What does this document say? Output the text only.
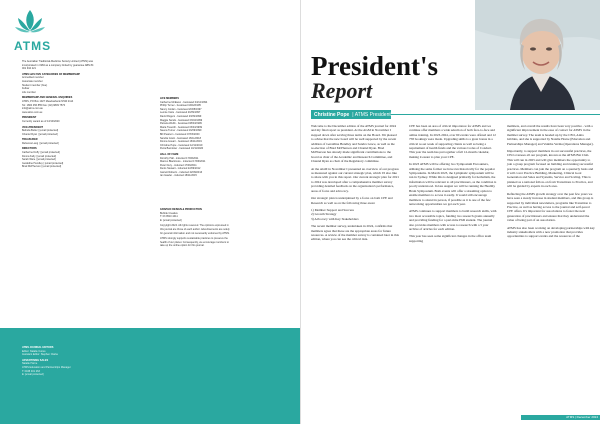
ATMS

The Australian Traditional-Medicine Society Limited (ATMS) was

incorporated in 1984 as a company limited by guarantee ABN 84

001 944 221

ATMS HAS FIVE CATEGORIES OF MEMBERSHIP

Accredited member

Associate member

Student member (free)

Fellow

Life member

MEMBERSHIP AND GENERAL ENQUIRIES

ATMS, PO Box 1027 Meadowbank NSW 2114

Tel: 1800 456 855 Fax: (02) 9809 7570

info@atms.com.au

www.atms.com.au

PRESIDENT

Currently vacant as of 13/10/2020

VICE-PRESIDENT

Belinda Butler | [email protected]

Chantel Ryan | [email protected]

TREASURER

Rebecca Lang | [email protected]

DIRECTORS

Catherine Duffy | [email protected]

Donna Kelly | [email protected]

Sarah Ware | [email protected]

Geraldine Hendley | [email protected]

Brad McPherson | [email protected]

LIFE MEMBERS

Catherine McEwen - bestowed 04/12/1994

Phillip Turner - bestowed 16/02/1995

Nancy Jordan - bestowed 20/08/1997

Leonie Carie - bestowed 20/09/1997

David Rogers - bestowed 23/09/1999

Maggie Sands - bestowed 03/04/1999

Pamela Webb - bestowed 08/04/1999

Maria Trewoth - bestowed 03/04/1999

Neena Turner - bestowed 16/09/1999

Bill Pearson - bestowed 07/03/2000

Sandra Grant - bestowed 16/11/2018

Donna Gouarr - bestowed 16/11/2019

Christine Pope - bestowed 12/11/2019

Petra Bannister - bestowed 10/11/2020

HALL OF FAME

Dorothy Hall - inducted 17/09/2011

Marcus Blackmore - inducted 17/09/2011

Peter Dery - inducted 17/09/2011

Denis Stewart - inducted 22/09/2012

Garrett Roberts - inducted 22/09/2013

Ian Gawler - inducted 18/11/2015

GRAPHIC DESIGN & PRODUCTION

Bubble Creative

T: 03 9510 4411

E: [email protected]

Copyright 2024. All rights reserved. The opinions expressed in

this journal are those of each author. Advertisements are solely

for general information and not necessarily endorsed by ATMS.

ATMS strongly supports sustainable practices to preserve the

health of our planet. Consequently, we encourage members to

take up the online option for this journal.

ATMS JOURNAL EDITORS

Editor: Natalie Corwe

Assistant Editor: Stephen Clarke

ADVERTISING SALES

Natalie Horne

ATMS Education and Partnerships Manager

T: 0438 401 263

E: [email protected]

President's
Report
Christine Pope | ATMS President

Welcome to the December edition of the ATMS journal for 2024 and my final report as president. At the AGM in November I stepped down after serving three terms on the Board. I'm pleased to advise that the new board will be well supported by the recent addition of Geraldine Hendley and Sandra Grace, as well as the re-election of Brad McPherson and Chantel Ryan. Brad McPherson has already made significant contributions to the board as chair of the Academic and Research Committee, and Chantel Ryan as chair of the Regulatory committee.

At the AGM in November I presented an overview of our progress as measured against our current strategic plan, which I'd also like to share with you in this report. Our current strategic plan for 2021 to 2024 was developed after a comprehensive member survey providing detailed feedback on the organisation's performance, areas of focus and advocacy.

Our strategic plan is underpinned by a focus on both CPE and Research as well as on the following three areas:

1) Member Support and Success

2) Growth Strategy

3) Advocacy with Key Stakeholders

The recent member survey, undertaken in 2024, confirms that members agree that these are the appropriate areas for future resources. A review of the member survey is contained later in this edition, where you can see the critical data.

CPE has been an area of critical importance for ATMS and we continue offer members a wide selection of both face-to-face and online training. In 2023-2024, over 60 events were offered and 12 758 bookings were made. Upgrading skills is a great bonus in a critical re-set week of supporting clients as well as being a requirement of health funds and the various Codes of Conduct. This year the team has put together a full 12-month calendar, making it easier to plan your CPE.

In 2023 ATMS will be offering two Symposium Encounters, utilising the same format we have run historically for the popular Symposiums. In March 2023, the Lymphatic symposium will be run in Sydney. While this is designed primarily for herbalism, the information will be relevant to all practitioners, as the condition is poorly understood. In late August we will be running the Healthy Brain Symposium. Both events will offer a streaming option to enable members to access it easily. It would still encourage members to attend in person, if possible as it is one of the few networking opportunities we get each year.

ATMS continues to support members to build research skills, with two most accessible topics, funding two research grants annually and providing funding for a part-time PhD student. The journal also provides members with access to research with a 5 year archive of articles for each edition.

This year has seen some significant changes in the office team supporting

members, and overall the results have been very positive - with a significant improvement in the ease of contact for ATMS in the member survey. The team is headed up by the CEO, Anita Gibbins, and she is supported by Natalie Horne (Education and Partnerships Manager) and Vanitha Verma (Operations Manager).

Importantly, to support members in our successful practices, the CEO oversees all our program, known as the ATMS Biz Club. This will run in 2025 and will give members the opportunity to join a group program focused on building and running successful practices. Members can join the program on a quarterly basis and it will cover Practice Building, Marketing, Clinical Goal Generation and Sales and Systems, Service and Scaling. This is planned as a national follow-on from Transitions to Practice, and will be guided by experts in each area.

Reflecting the ATMS growth strategy over the past few years we have seen a steady increase in student members, and this group is supported by individual newsletters, programs like Transition to Practice, as well as having access to the journal and self-paced CPE offers. It's important for associations to foster the next generation of practitioners and ensure that they understand the value of being part of an association.

ATMS has also been working on developing partnerships with key industry stakeholders with a new promotion that provides opportunities to support events and the resources of the

ATMS | December 2024
